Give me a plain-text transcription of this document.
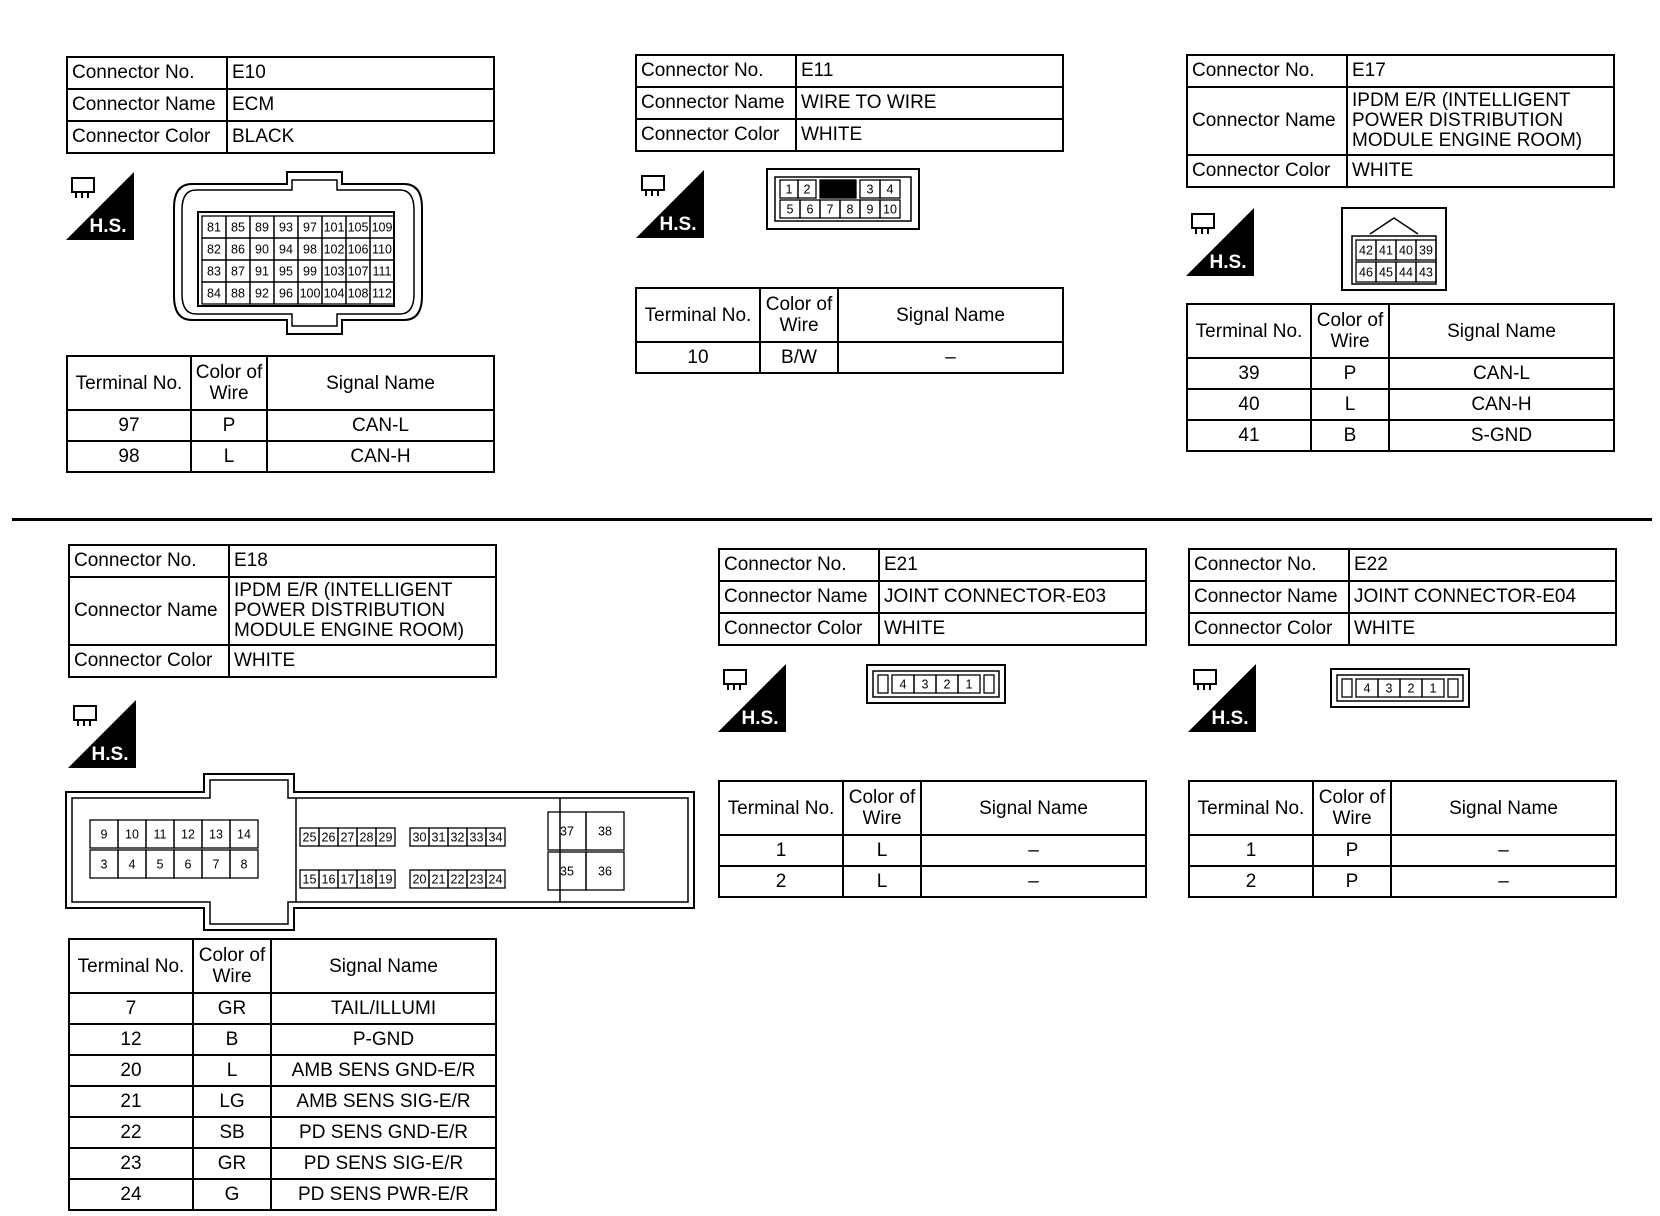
Connector No.	E10
Connector Name	ECM
Connector Color	BLACK
H.S.	81 85 89 93 97 101 105 109
82 86 90 94 98 102 106 110
83 87 91 95 99 103 107 111
84 88 92 96 100 104 108 112
Terminal No.	Color of Wire	Signal Name
97	P	CAN-L
98	L	CAN-H
Connector No.	E11
Connector Name	WIRE TO WIRE
Connector Color	WHITE
H.S.
1 2	3 4
5 6 7 8 9 10
Terminal No.	Color of Wire	Signal Name
10	B/W	–
Connector No.	E17
Connector Name	IPDM E/R (INTELLIGENT POWER DISTRIBUTION MODULE ENGINE ROOM)
Connector Color	WHITE
H.S.
42 41 40 39
46 45 44 43
Terminal No.	Color of Wire	Signal Name
39	P	CAN-L
40	L	CAN-H
41	B	S-GND
Connector No.	E18
Connector Name	IPDM E/R (INTELLIGENT POWER DISTRIBUTION MODULE ENGINE ROOM)
Connector Color	WHITE
H.S.
9 10 11 12 13 14
3 4 5 6 7 8
25 26 27 28 29 30 31 32 33 34
15 16 17 18 19 20 21 22 23 24
37 38
35 36
Terminal No.	Color of Wire	Signal Name
7	GR	TAIL/ILLUMI
12	B	P-GND
20	L	AMB SENS GND-E/R
21	LG	AMB SENS SIG-E/R
22	SB	PD SENS GND-E/R
23	GR	PD SENS SIG-E/R
24	G	PD SENS PWR-E/R
Connector No.	E21
Connector Name	JOINT CONNECTOR-E03
Connector Color	WHITE
H.S.
4 3 2 1
Terminal No.	Color of Wire	Signal Name
1	L	–
2	L	–
Connector No.	E22
Connector Name	JOINT CONNECTOR-E04
Connector Color	WHITE
H.S.
4 3 2 1
Terminal No.	Color of Wire	Signal Name
1	P	–
2	P	–
